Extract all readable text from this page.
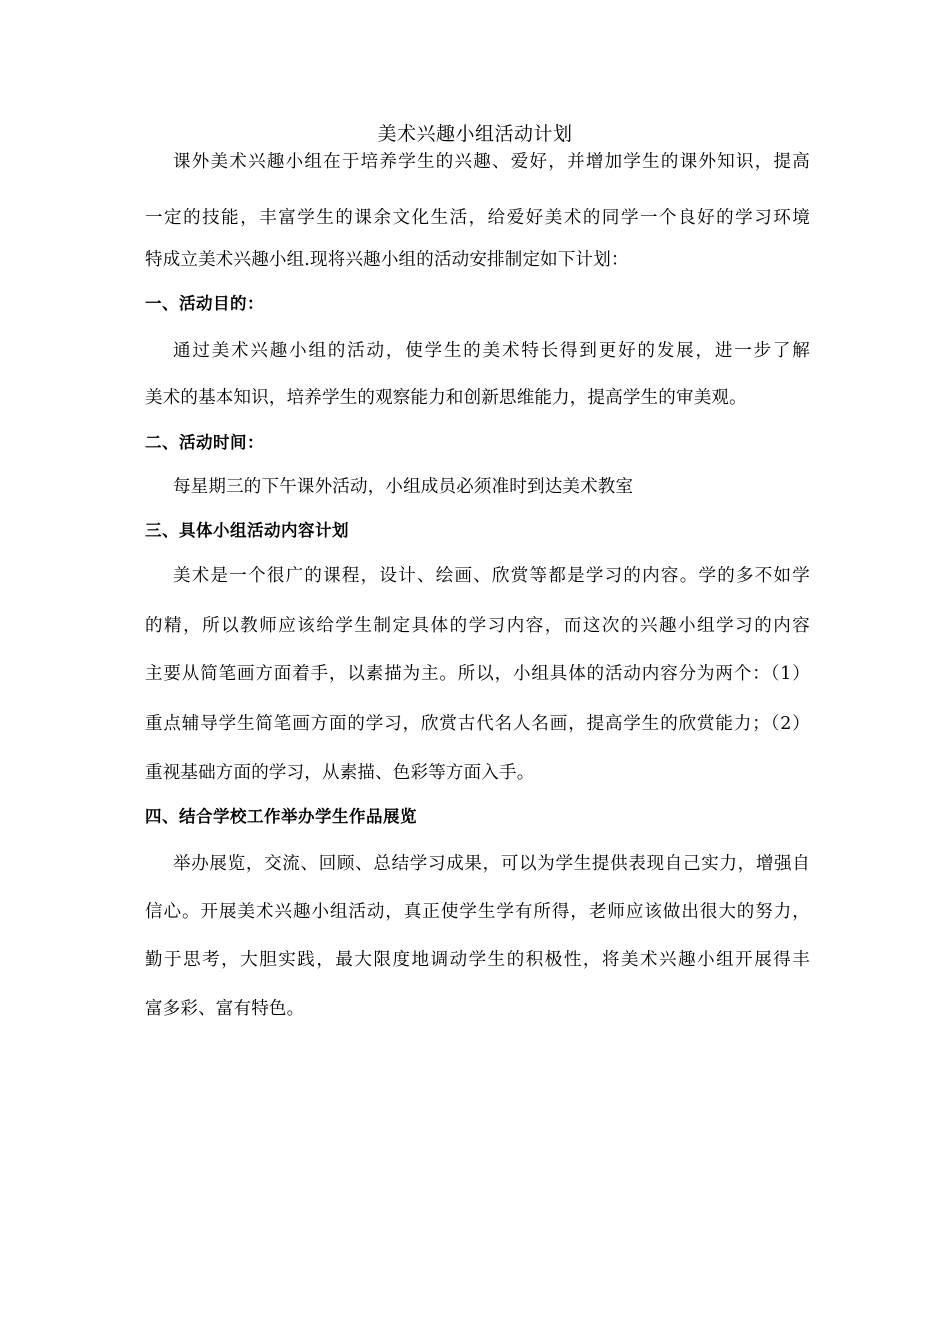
美术兴趣小组活动计划
课外美术兴趣小组在于培养学生的兴趣、爱好，并增加学生的课外知识，提高
一定的技能，丰富学生的课余文化生活，给爱好美术的同学一个良好的学习环境
特成立美术兴趣小组.现将兴趣小组的活动安排制定如下计划：
一、活动目的：
通过美术兴趣小组的活动，使学生的美术特长得到更好的发展，进一步了解
美术的基本知识，培养学生的观察能力和创新思维能力，提高学生的审美观。
二、活动时间：
每星期三的下午课外活动，小组成员必须准时到达美术教室
三、具体小组活动内容计划
美术是一个很广的课程，设计、绘画、欣赏等都是学习的内容。学的多不如学
的精，所以教师应该给学生制定具体的学习内容，而这次的兴趣小组学习的内容
主要从简笔画方面着手，以素描为主。所以，小组具体的活动内容分为两个：（1）
重点辅导学生简笔画方面的学习，欣赏古代名人名画，提高学生的欣赏能力；（2）
重视基础方面的学习，从素描、色彩等方面入手。
四、结合学校工作举办学生作品展览
举办展览，交流、回顾、总结学习成果，可以为学生提供表现自己实力，增强自
信心。开展美术兴趣小组活动，真正使学生学有所得，老师应该做出很大的努力，
勤于思考，大胆实践，最大限度地调动学生的积极性，将美术兴趣小组开展得丰
富多彩、富有特色。
